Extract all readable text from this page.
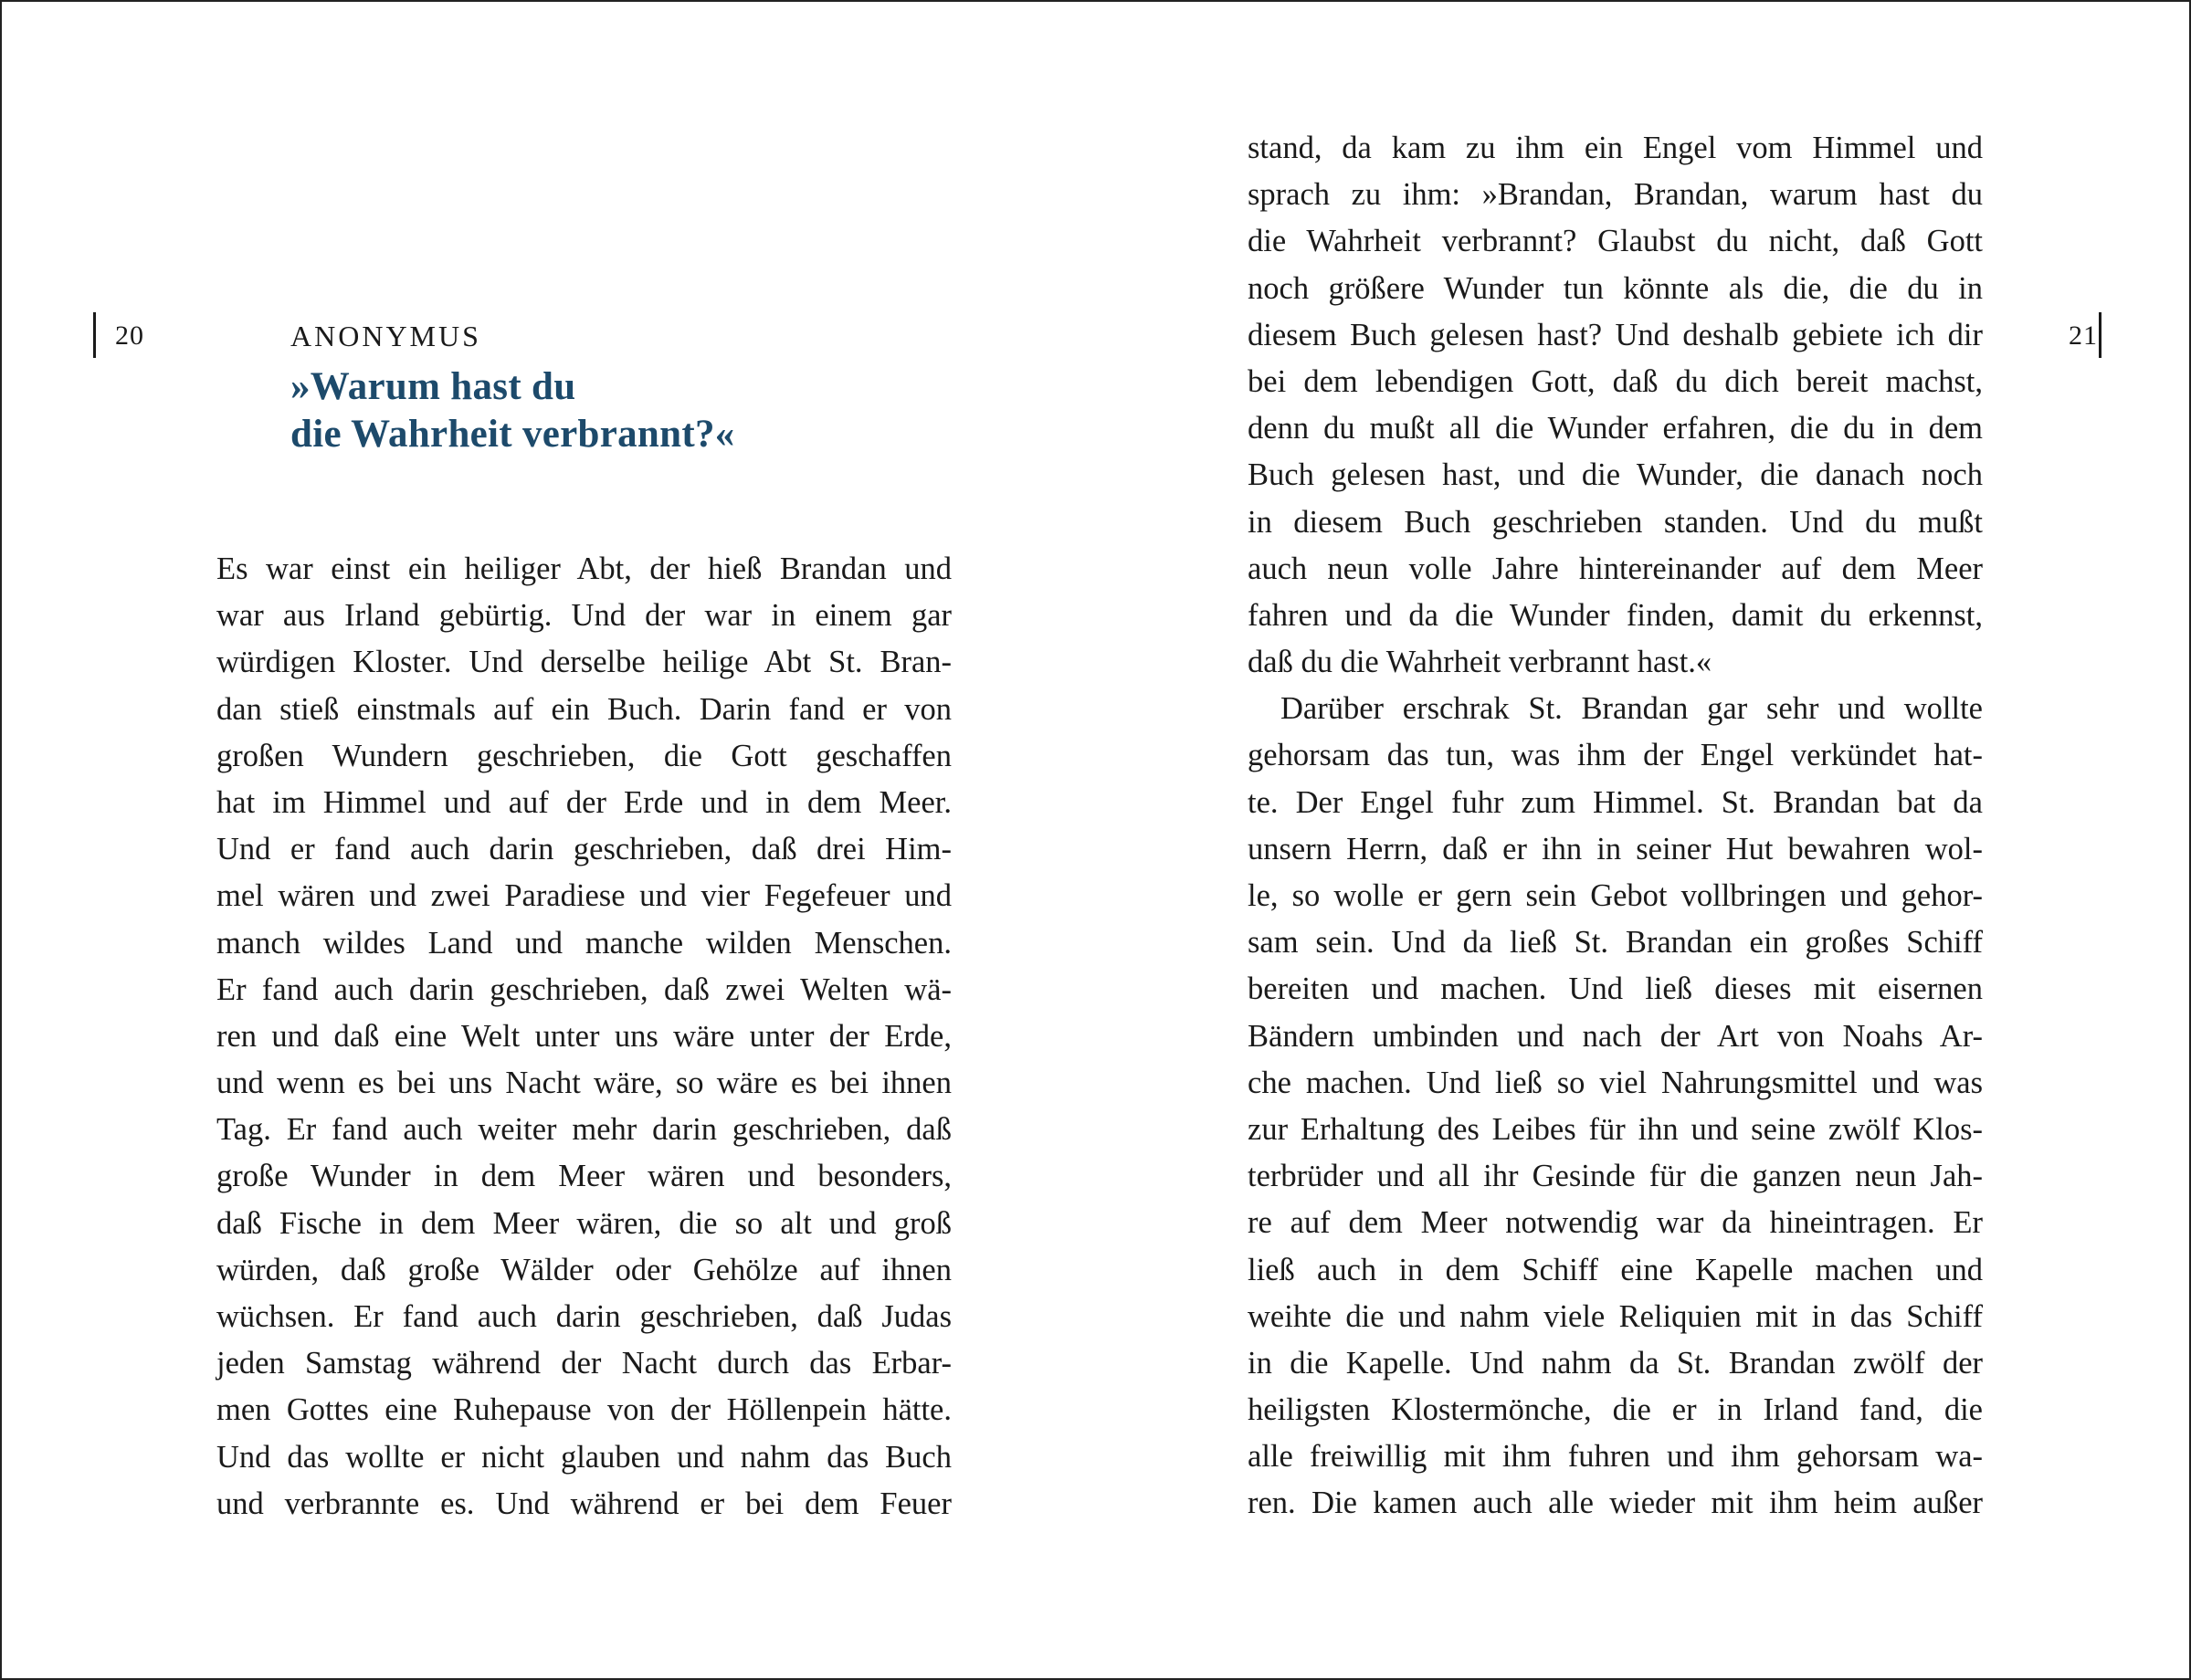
20	ANONYMUS
»Warum hast du
die Wahrheit verbrannt?«
Es war einst ein heiliger Abt, der hieß Brandan und
war aus Irland gebürtig. Und der war in einem gar
würdigen Kloster. Und derselbe heilige Abt St. Bran-
dan stieß einstmals auf ein Buch. Darin fand er von
großen Wundern geschrieben, die Gott geschaffen
hat im Himmel und auf der Erde und in dem Meer.
Und er fand auch darin geschrieben, daß drei Him-
mel wären und zwei Paradiese und vier Fegefeuer und
manch wildes Land und manche wilden Menschen.
Er fand auch darin geschrieben, daß zwei Welten wä-
ren und daß eine Welt unter uns wäre unter der Erde,
und wenn es bei uns Nacht wäre, so wäre es bei ihnen
Tag. Er fand auch weiter mehr darin geschrieben, daß
große Wunder in dem Meer wären und besonders,
daß Fische in dem Meer wären, die so alt und groß
würden, daß große Wälder oder Gehölze auf ihnen
wüchsen. Er fand auch darin geschrieben, daß Judas
jeden Samstag während der Nacht durch das Erbar-
men Gottes eine Ruhepause von der Höllenpein hätte.
Und das wollte er nicht glauben und nahm das Buch
und verbrannte es. Und während er bei dem Feuer
21
stand, da kam zu ihm ein Engel vom Himmel und
sprach zu ihm: »Brandan, Brandan, warum hast du
die Wahrheit verbrannt? Glaubst du nicht, daß Gott
noch größere Wunder tun könnte als die, die du in
diesem Buch gelesen hast? Und deshalb gebiete ich dir
bei dem lebendigen Gott, daß du dich bereit machst,
denn du mußt all die Wunder erfahren, die du in dem
Buch gelesen hast, und die Wunder, die danach noch
in diesem Buch geschrieben standen. Und du mußt
auch neun volle Jahre hintereinander auf dem Meer
fahren und da die Wunder finden, damit du erkennst,
daß du die Wahrheit verbrannt hast.«
Darüber erschrak St. Brandan gar sehr und wollte
gehorsam das tun, was ihm der Engel verkündet hat-
te. Der Engel fuhr zum Himmel. St. Brandan bat da
unsern Herrn, daß er ihn in seiner Hut bewahren wol-
le, so wolle er gern sein Gebot vollbringen und gehor-
sam sein. Und da ließ St. Brandan ein großes Schiff
bereiten und machen. Und ließ dieses mit eisernen
Bändern umbinden und nach der Art von Noahs Ar-
che machen. Und ließ so viel Nahrungsmittel und was
zur Erhaltung des Leibes für ihn und seine zwölf Klos-
terbrüder und all ihr Gesinde für die ganzen neun Jah-
re auf dem Meer notwendig war da hineintragen. Er
ließ auch in dem Schiff eine Kapelle machen und
weihte die und nahm viele Reliquien mit in das Schiff
in die Kapelle. Und nahm da St. Brandan zwölf der
heiligsten Klostermönche, die er in Irland fand, die
alle freiwillig mit ihm fuhren und ihm gehorsam wa-
ren. Die kamen auch alle wieder mit ihm heim außer
